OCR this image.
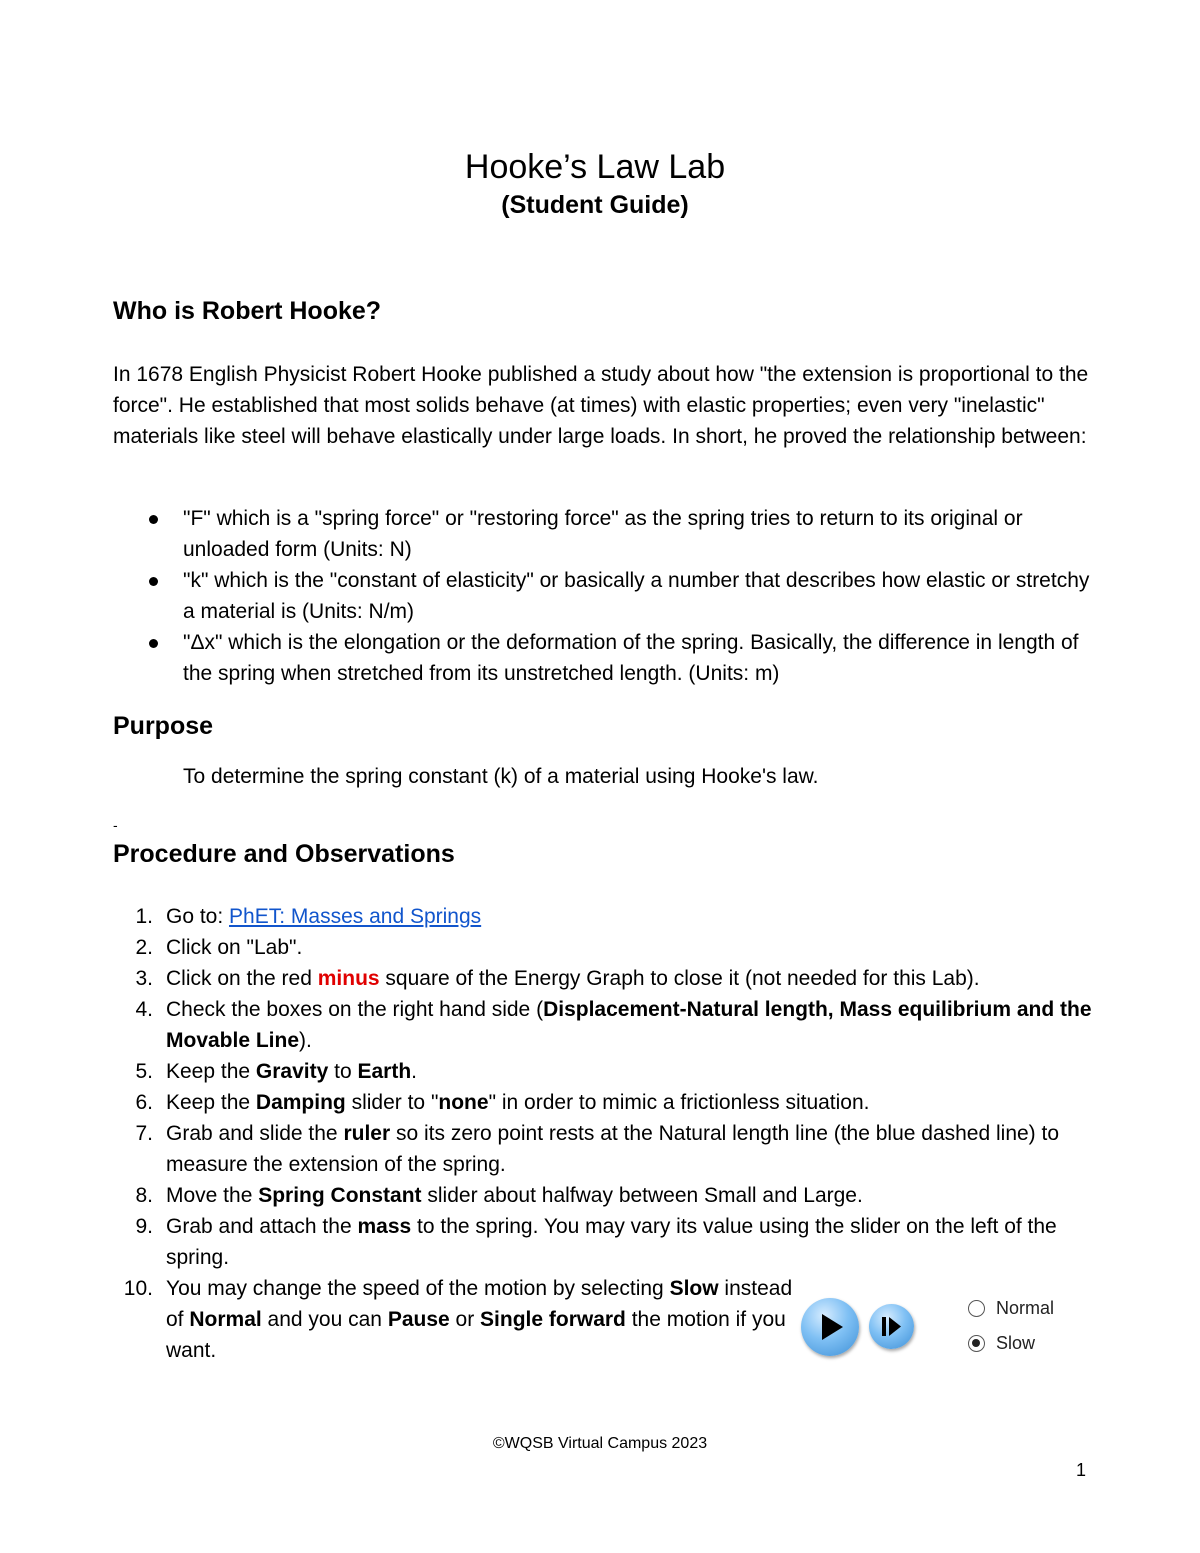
Hooke’s Law Lab
(Student Guide)
Who is Robert Hooke?
In 1678 English Physicist Robert Hooke published a study about how "the extension is proportional to the force". He established that most solids behave (at times) with elastic properties; even very "inelastic" materials like steel will behave elastically under large loads. In short, he proved the relationship between:
"F" which is a "spring force" or "restoring force" as the spring tries to return to its original or unloaded form (Units: N)
"k" which is the "constant of elasticity" or basically a number that describes how elastic or stretchy a material is (Units: N/m)
"Δx" which is the elongation or the deformation of the spring. Basically, the difference in length of the spring when stretched from its unstretched length. (Units: m)
Purpose
To determine the spring constant (k) of a material using Hooke's law.
-
Procedure and Observations
1. Go to: PhET: Masses and Springs
2. Click on "Lab".
3. Click on the red minus square of the Energy Graph to close it (not needed for this Lab).
4. Check the boxes on the right hand side (Displacement-Natural length, Mass equilibrium and the Movable Line).
5. Keep the Gravity to Earth.
6. Keep the Damping slider to "none" in order to mimic a frictionless situation.
7. Grab and slide the ruler so its zero point rests at the Natural length line (the blue dashed line) to measure the extension of the spring.
8. Move the Spring Constant slider about halfway between Small and Large.
9. Grab and attach the mass to the spring. You may vary its value using the slider on the left of the spring.
10. You may change the speed of the motion by selecting Slow instead of Normal and you can Pause or Single forward the motion if you want.
Normal
Slow
©WQSB Virtual Campus 2023
1
